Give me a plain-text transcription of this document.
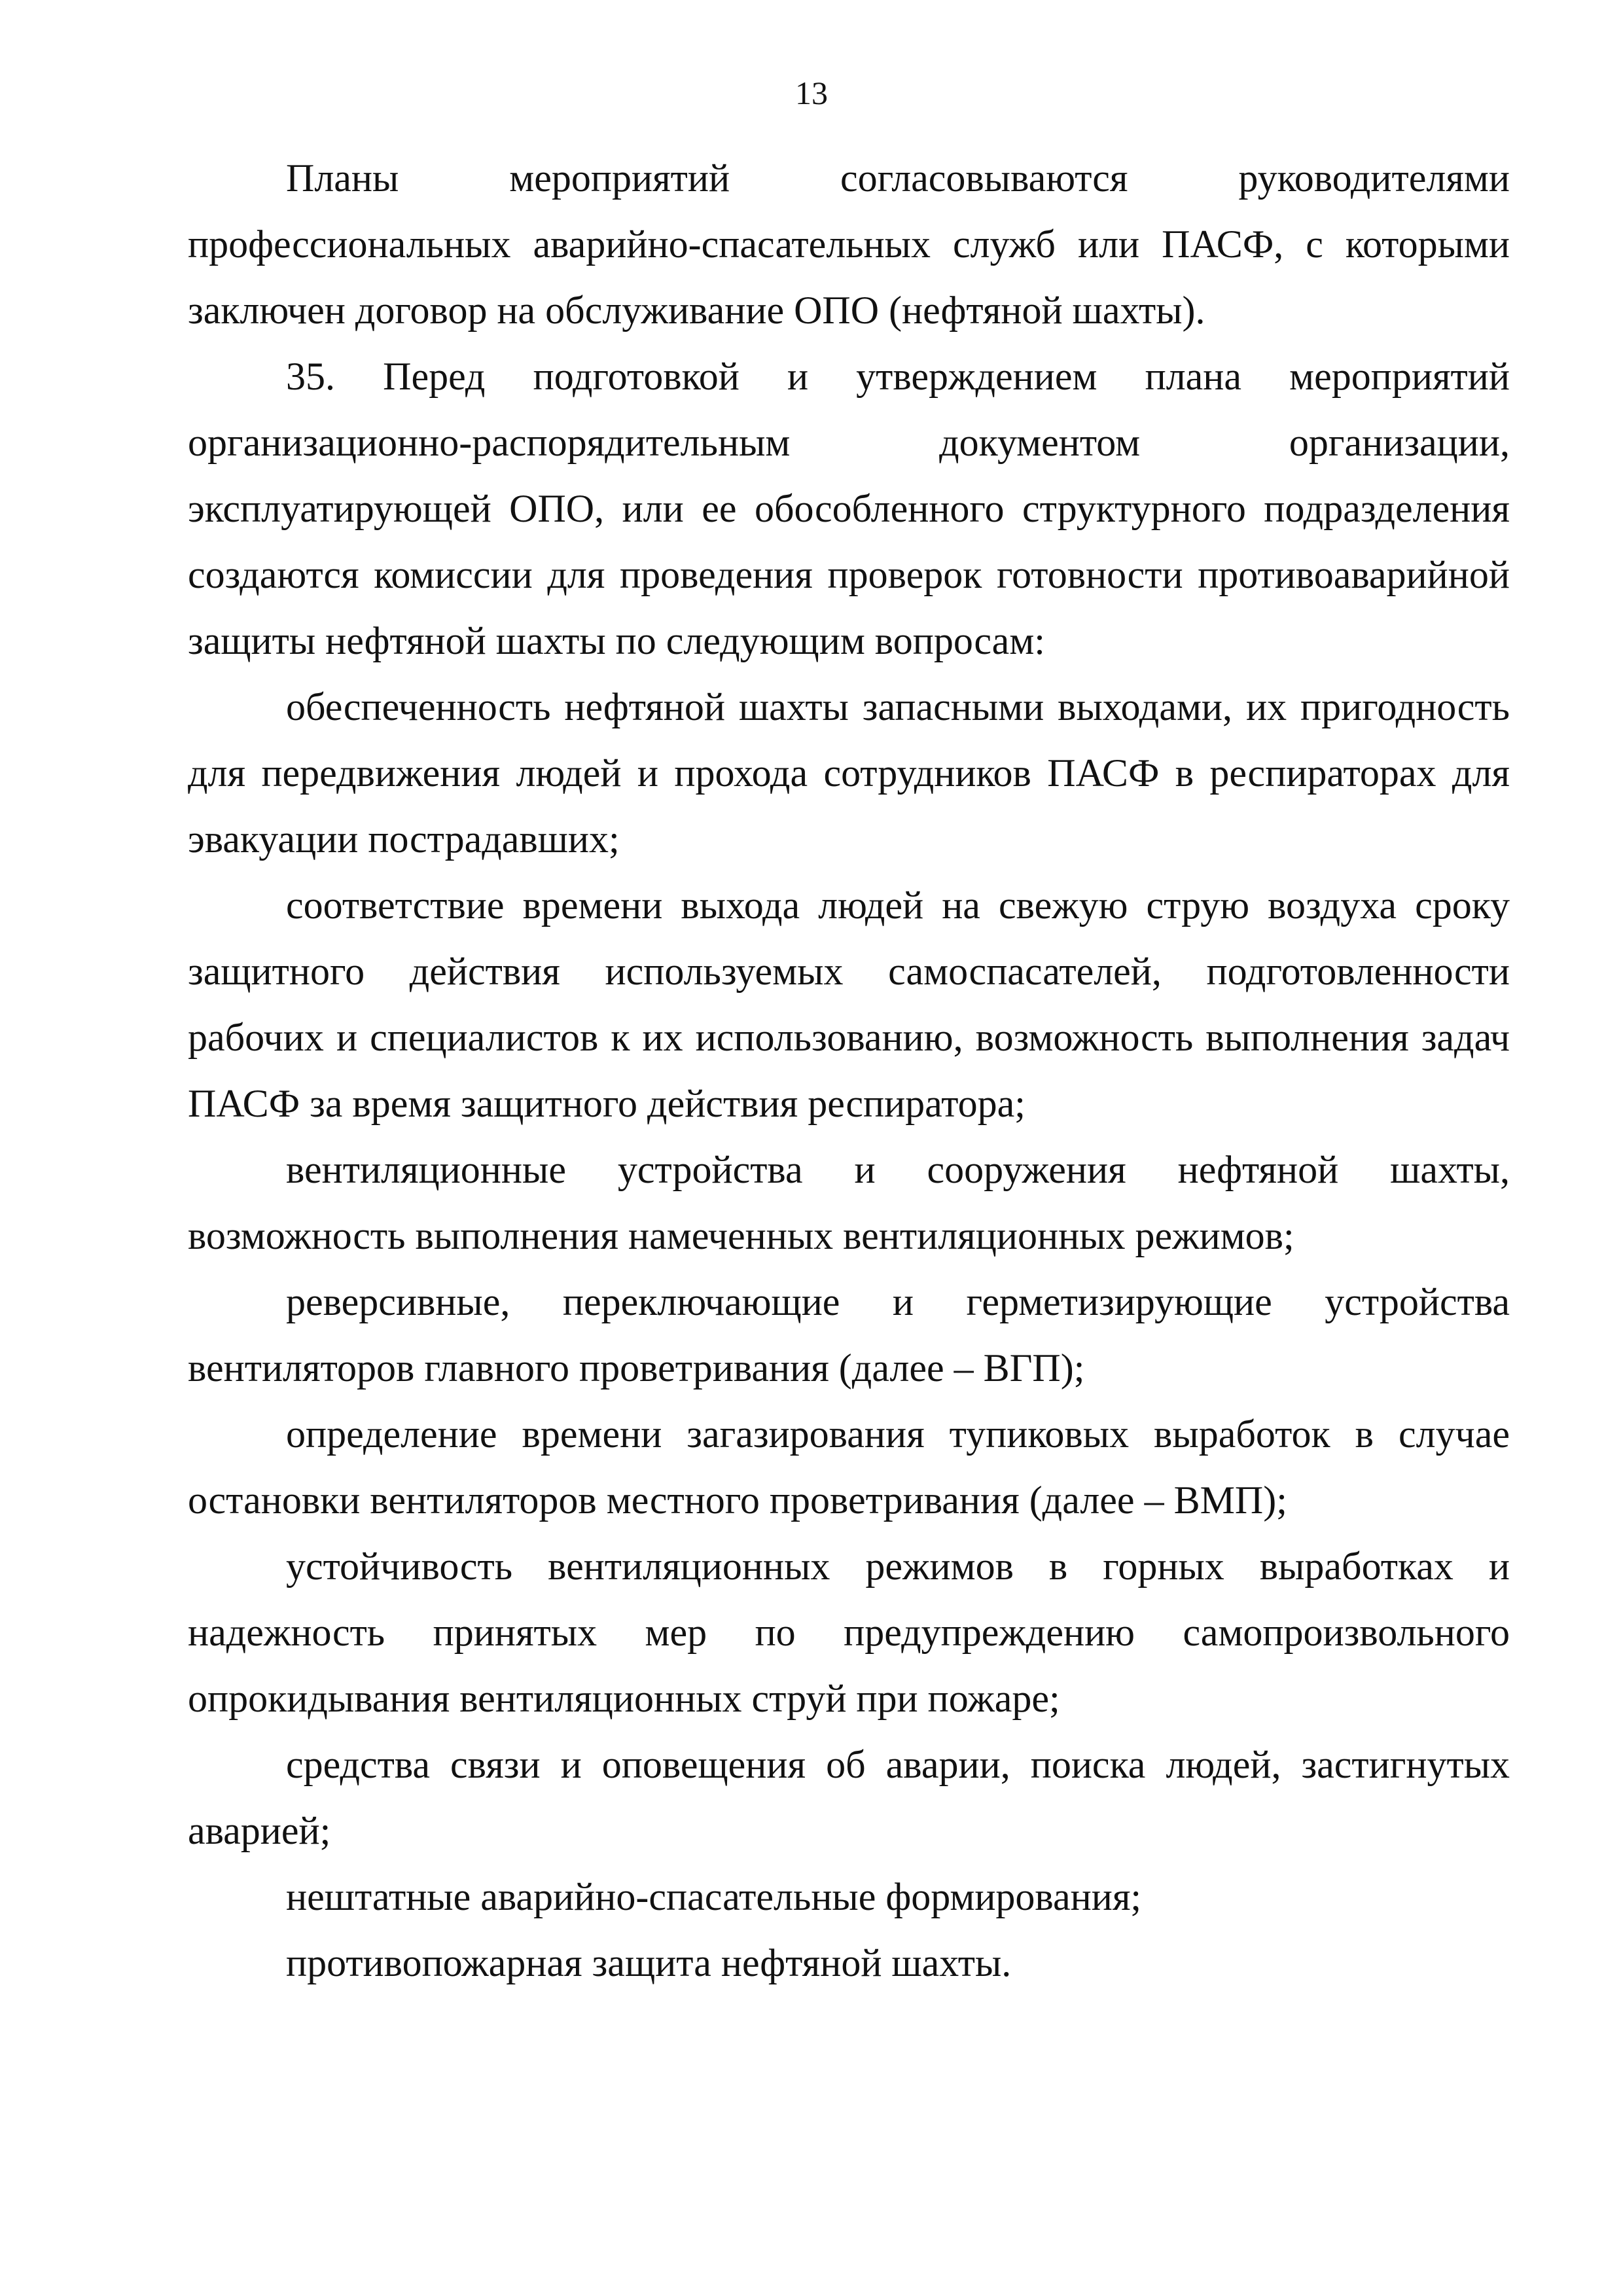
13

Планы мероприятий согласовываются руководителями профессиональных аварийно-спасательных служб или ПАСФ, с которыми заключен договор на обслуживание ОПО (нефтяной шахты).

35. Перед подготовкой и утверждением плана мероприятий организационно-распорядительным документом организации, эксплуатирующей ОПО, или ее обособленного структурного подразделения создаются комиссии для проведения проверок готовности противоаварийной защиты нефтяной шахты по следующим вопросам:

обеспеченность нефтяной шахты запасными выходами, их пригодность для передвижения людей и прохода сотрудников ПАСФ в респираторах для эвакуации пострадавших;

соответствие времени выхода людей на свежую струю воздуха сроку защитного действия используемых самоспасателей, подготовленности рабочих и специалистов к их использованию, возможность выполнения задач ПАСФ за время защитного действия респиратора;

вентиляционные устройства и сооружения нефтяной шахты, возможность выполнения намеченных вентиляционных режимов;

реверсивные, переключающие и герметизирующие устройства вентиляторов главного проветривания (далее – ВГП);

определение времени загазирования тупиковых выработок в случае остановки вентиляторов местного проветривания (далее – ВМП);

устойчивость вентиляционных режимов в горных выработках и надежность принятых мер по предупреждению самопроизвольного опрокидывания вентиляционных струй при пожаре;

средства связи и оповещения об аварии, поиска людей, застигнутых аварией;

нештатные аварийно-спасательные формирования;

противопожарная защита нефтяной шахты.
